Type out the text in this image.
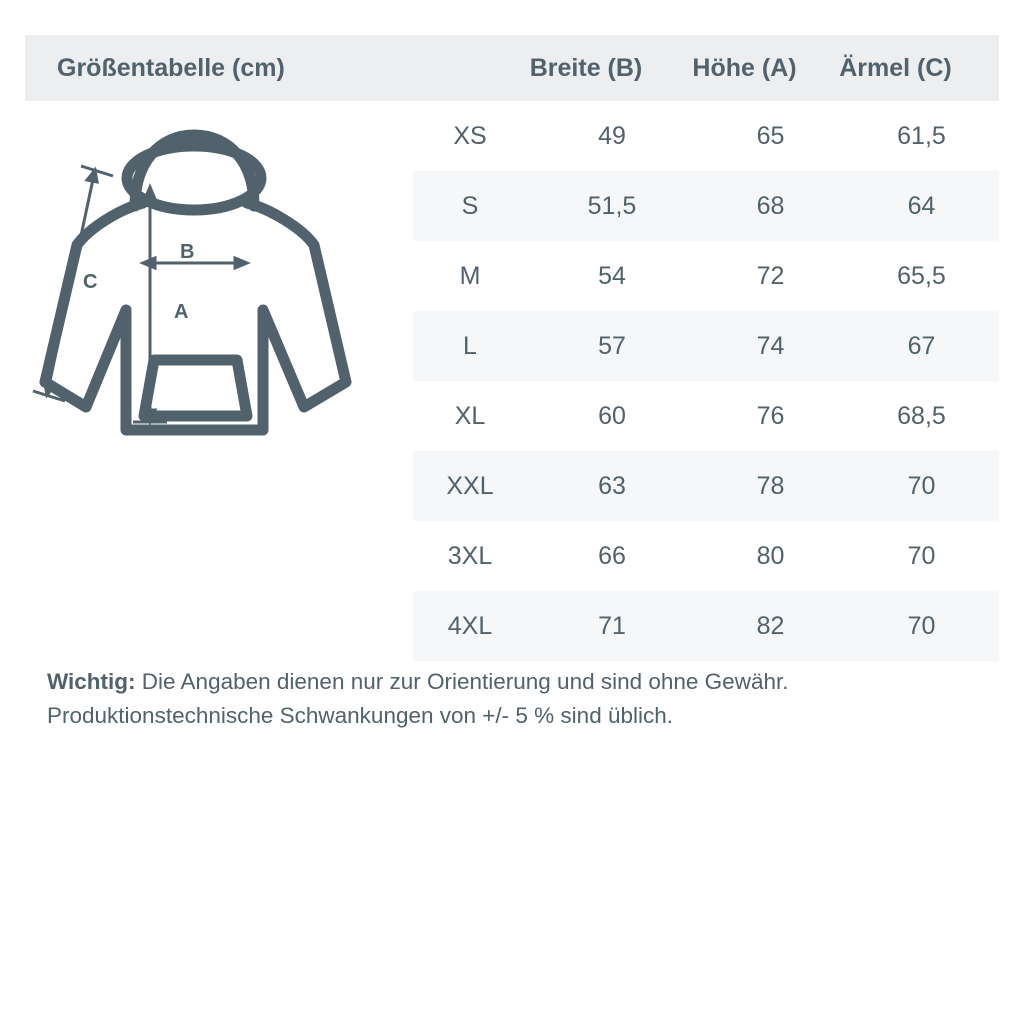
Größentabelle (cm)	Breite (B)	Höhe (A)	Ärmel (C)
B
C
A
XS	49	65	61,5
S	51,5	68	64
M	54	72	65,5
L	57	74	67
XL	60	76	68,5
XXL	63	78	70
3XL	66	80	70
4XL	71	82	70
Wichtig: Die Angaben dienen nur zur Orientierung und sind ohne Gewähr.
Produktionstechnische Schwankungen von +/- 5 % sind üblich.
